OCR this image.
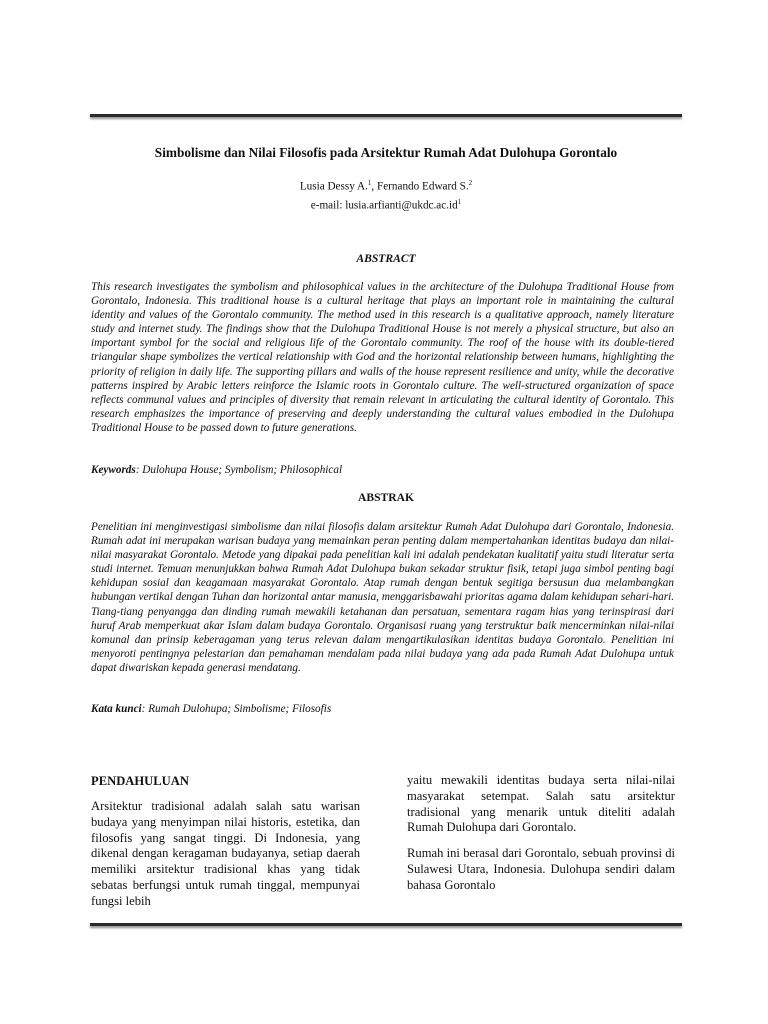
Simbolisme dan Nilai Filosofis pada Arsitektur Rumah Adat Dulohupa Gorontalo
Lusia Dessy A.$^1$, Fernando Edward S.$^2$
e-mail: $lusia.arfianti@ukdc.ac.id^1$
ABSTRACT

This research investigates the symbolism and philosophical values in the architecture of the Dulohupa Traditional House from Gorontalo, Indonesia. This traditional house is a cultural heritage that plays an important role in maintaining the cultural identity and values of the Gorontalo community. The method used in this research is a qualitative approach, namely literature study and internet study. The findings show that the Dulohupa Traditional House is not merely a physical structure, but also an important symbol for the social and religious life of the Gorontalo community. The roof of the house with its double-tiered triangular shape symbolizes the vertical relationship with God and the horizontal relationship between humans, highlighting the priority of religion in daily life. The supporting pillars and walls of the house represent resilience and unity, while the decorative patterns inspired by Arabic letters reinforce the Islamic roots in Gorontalo culture. The well-structured organization of space reflects communal values and principles of diversity that remain relevant in articulating the cultural identity of Gorontalo. This research emphasizes the importance of preserving and deeply understanding the cultural values embodied in the Dulohupa Traditional House to be passed down to future generations.

Keywords: Dulohupa House; Symbolism; Philosophical
ABSTRAK

Penelitian ini menginvestigasi simbolisme dan nilai filosofis dalam arsitektur Rumah Adat Dulohupa dari Gorontalo, Indonesia. Rumah adat ini merupakan warisan budaya yang memainkan peran penting dalam mempertahankan identitas budaya dan nilai-nilai masyarakat Gorontalo. Metode yang dipakai pada penelitian kali ini adalah pendekatan kualitatif yaitu studi literatur serta studi internet. Temuan menunjukkan bahwa Rumah Adat Dulohupa bukan sekadar struktur fisik, tetapi juga simbol penting bagi kehidupan sosial dan keagamaan masyarakat Gorontalo. Atap rumah dengan bentuk segitiga bersusun dua melambangkan hubungan vertikal dengan Tuhan dan horizontal antar manusia, menggarisbawahi prioritas agama dalam kehidupan sehari-hari. Tiang-tiang penyangga dan dinding rumah mewakili ketahanan dan persatuan, sementara ragam hias yang terinspirasi dari huruf Arab memperkuat akar Islam dalam budaya Gorontalo. Organisasi ruang yang terstruktur baik mencerminkan nilai-nilai komunal dan prinsip keberagaman yang terus relevan dalam mengartikulasikan identitas budaya Gorontalo. Penelitian ini menyoroti pentingnya pelestarian dan pemahaman mendalam pada nilai budaya yang ada pada Rumah Adat Dulohupa untuk dapat diwariskan kepada generasi mendatang.

Kata kunci: Rumah Dulohupa; Simbolisme; Filosofis
PENDAHULUAN

Arsitektur tradisional adalah salah satu warisan budaya yang menyimpan nilai historis, estetika, dan filosofis yang sangat tinggi. Di Indonesia, yang dikenal dengan keragaman budayanya, setiap daerah memiliki arsitektur tradisional khas yang tidak sebatas berfungsi untuk rumah tinggal, mempunyai fungsi lebih

yaitu mewakili identitas budaya serta nilai-nilai masyarakat setempat. Salah satu arsitektur tradisional yang menarik untuk diteliti adalah Rumah Dulohupa dari Gorontalo.

Rumah ini berasal dari Gorontalo, sebuah provinsi di Sulawesi Utara, Indonesia. Dulohupa sendiri dalam bahasa Gorontalo
